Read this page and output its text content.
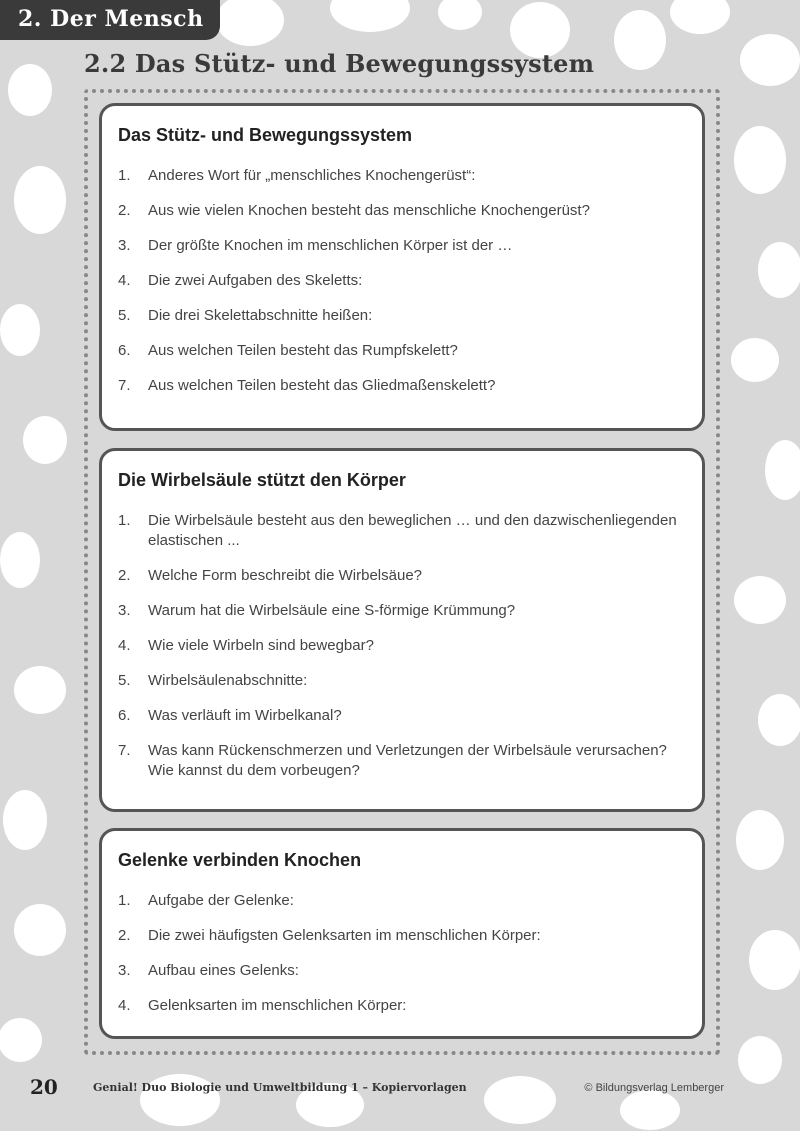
2. Der Mensch
2.2 Das Stütz- und Bewegungssystem
Das Stütz- und Bewegungssystem
1. Anderes Wort für „menschliches Knochengerüst“:
2. Aus wie vielen Knochen besteht das menschliche Knochengerüst?
3. Der größte Knochen im menschlichen Körper ist der …
4. Die zwei Aufgaben des Skeletts:
5. Die drei Skelettabschnitte heißen:
6. Aus welchen Teilen besteht das Rumpfskelett?
7. Aus welchen Teilen besteht das Gliedmaßenskelett?
Die Wirbelsäule stützt den Körper
1. Die Wirbelsäule besteht aus den beweglichen … und den dazwischenliegenden elastischen ...
2. Welche Form beschreibt die Wirbelsäue?
3. Warum hat die Wirbelsäule eine S-förmige Krümmung?
4. Wie viele Wirbeln sind bewegbar?
5. Wirbelsäulenabschnitte:
6. Was verläuft im Wirbelkanal?
7. Was kann Rückenschmerzen und Verletzungen der Wirbelsäule verursachen? Wie kannst du dem vorbeugen?
Gelenke verbinden Knochen
1. Aufgabe der Gelenke:
2. Die zwei häufigsten Gelenksarten im menschlichen Körper:
3. Aufbau eines Gelenks:
4. Gelenksarten im menschlichen Körper:
20	Genial! Duo Biologie und Umweltbildung 1 – Kopiervorlagen	© Bildungsverlag Lemberger
